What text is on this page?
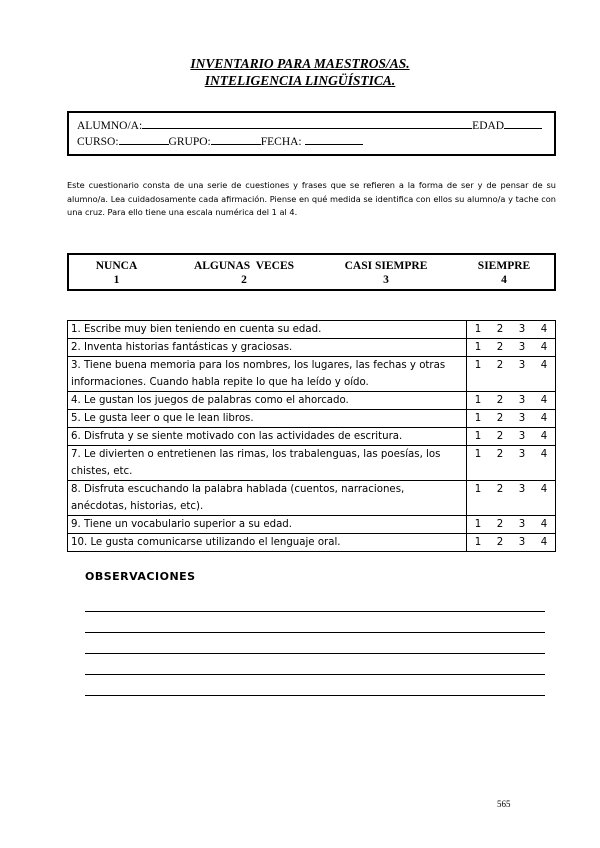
INVENTARIO PARA MAESTROS/AS.
INTELIGENCIA LINGÜÍSTICA.
ALUMNO/A:	EDAD
CURSO:	GRUPO:	FECHA:
Este cuestionario consta de una serie de cuestiones y frases que se refieren a la forma de ser y de pensar de su alumno/a. Lea cuidadosamente cada afirmación. Piense en qué medida se identifica con ellos su alumno/a y tache con una cruz. Para ello tiene una escala numérica del 1 al 4.
NUNCA
1
ALGUNAS  VECES
2
CASI SIEMPRE
3
SIEMPRE
4
1. Escribe muy bien teniendo en cuenta su edad.	1	2	3	4
2. Inventa historias fantásticas y graciosas.	1	2	3	4
3. Tiene buena memoria para los nombres, los lugares, las fechas y otras informaciones. Cuando habla repite lo que ha leído y oído.	1	2	3	4
4. Le gustan los juegos de palabras como el ahorcado.	1	2	3	4
5. Le gusta leer o que le lean libros.	1	2	3	4
6. Disfruta y se siente motivado con las actividades de escritura.	1	2	3	4
7. Le divierten o entretienen las rimas, los trabalenguas, las poesías, los chistes, etc.	1	2	3	4
8. Disfruta escuchando la palabra hablada (cuentos, narraciones, anécdotas, historias, etc).	1	2	3	4
9. Tiene un vocabulario superior a su edad.	1	2	3	4
10. Le gusta comunicarse utilizando el lenguaje oral.	1	2	3	4
OBSERVACIONES
565
